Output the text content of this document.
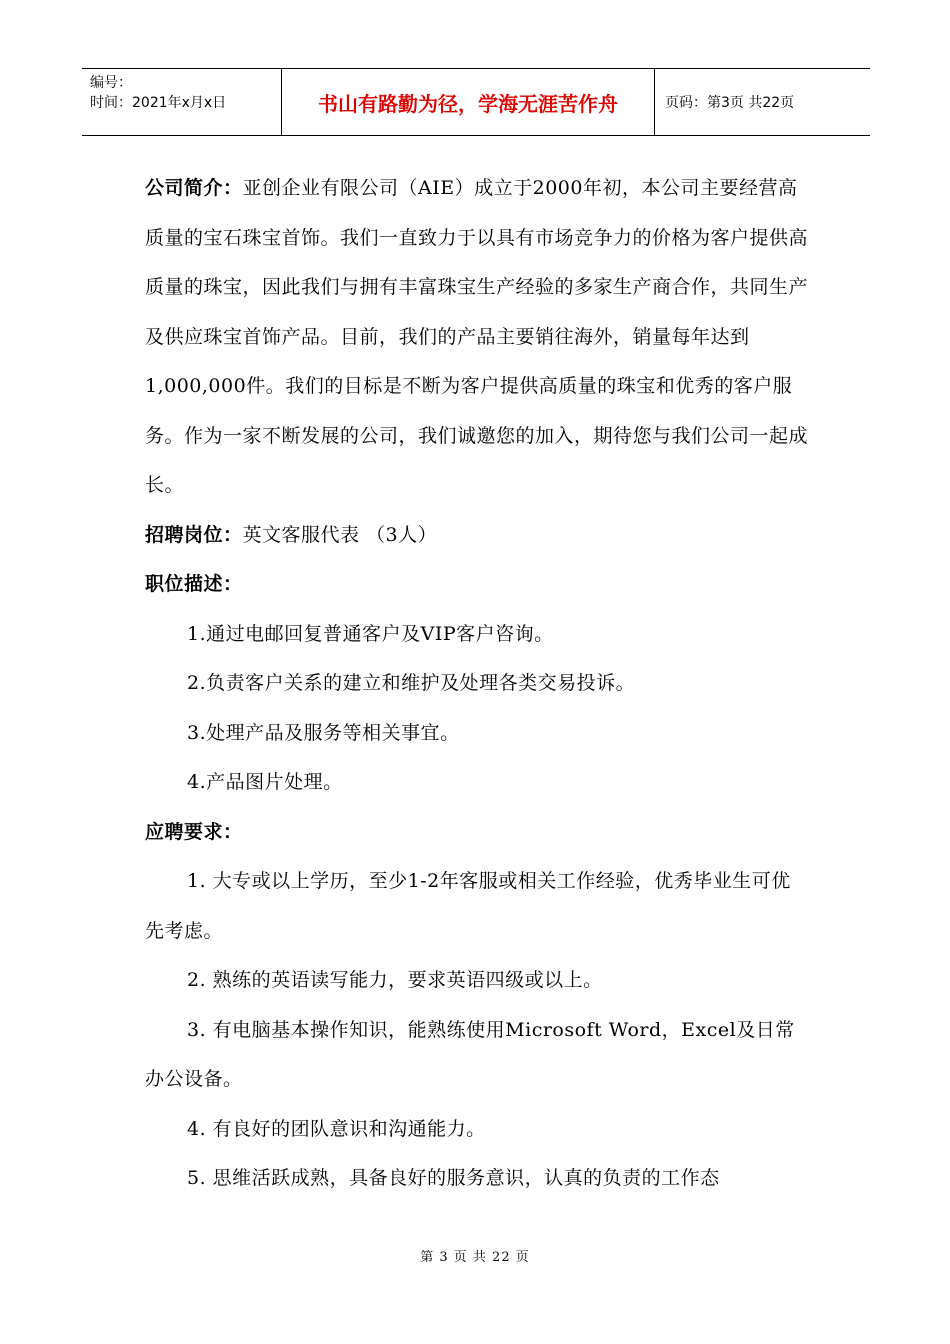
编号：
时间：2021年x月x日	书山有路勤为径，学海无涯苦作舟	页码：第3页 共22页

公司简介：亚创企业有限公司（AIE）成立于2000年初，本公司主要经营高质量的宝石珠宝首饰。我们一直致力于以具有市场竞争力的价格为客户提供高质量的珠宝，因此我们与拥有丰富珠宝生产经验的多家生产商合作，共同生产及供应珠宝首饰产品。目前，我们的产品主要销往海外，销量每年达到1,000,000件。我们的目标是不断为客户提供高质量的珠宝和优秀的客户服务。作为一家不断发展的公司，我们诚邀您的加入，期待您与我们公司一起成长。

招聘岗位：英文客服代表 （3人）

职位描述：

1.通过电邮回复普通客户及VIP客户咨询。

2.负责客户关系的建立和维护及处理各类交易投诉。

3.处理产品及服务等相关事宜。

4.产品图片处理。

应聘要求：

1. 大专或以上学历，至少1-2年客服或相关工作经验，优秀毕业生可优先考虑。

2. 熟练的英语读写能力，要求英语四级或以上。

3. 有电脑基本操作知识，能熟练使用Microsoft Word，Excel及日常办公设备。

4. 有良好的团队意识和沟通能力。

5. 思维活跃成熟，具备良好的服务意识，认真的负责的工作态

第 3 页 共 22 页
